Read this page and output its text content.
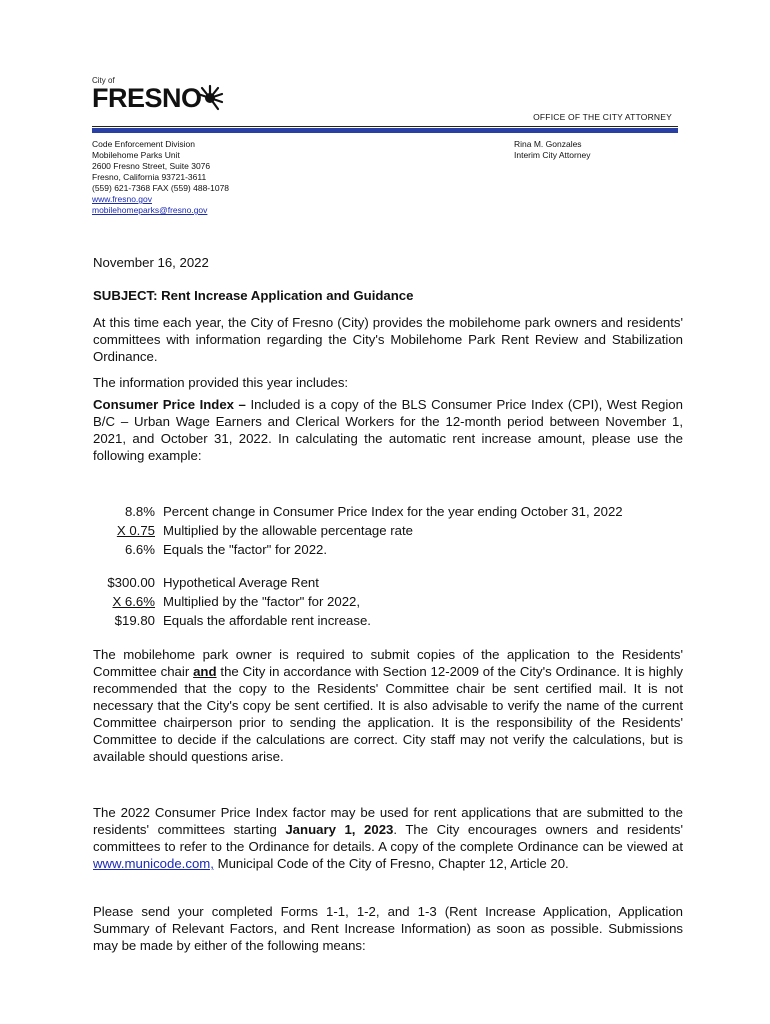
City of
FRESNO
OFFICE OF THE CITY ATTORNEY
Code Enforcement Division
Mobilehome Parks Unit
2600 Fresno Street, Suite 3076
Fresno, California 93721-3611
(559) 621-7368 FAX (559) 488-1078
www.fresno.gov
mobilehomeparks@fresno.gov
Rina M. Gonzales
Interim City Attorney
November 16, 2022
SUBJECT: Rent Increase Application and Guidance
At this time each year, the City of Fresno (City) provides the mobilehome park owners and residents' committees with information regarding the City's Mobilehome Park Rent Review and Stabilization Ordinance.
The information provided this year includes:
Consumer Price Index – Included is a copy of the BLS Consumer Price Index (CPI), West Region B/C – Urban Wage Earners and Clerical Workers for the 12-month period between November 1, 2021, and October 31, 2022. In calculating the automatic rent increase amount, please use the following example:
8.8% Percent change in Consumer Price Index for the year ending October 31, 2022
X 0.75 Multiplied by the allowable percentage rate
6.6% Equals the "factor" for 2022.
$300.00 Hypothetical Average Rent
X 6.6% Multiplied by the "factor" for 2022,
$19.80 Equals the affordable rent increase.
The mobilehome park owner is required to submit copies of the application to the Residents' Committee chair and the City in accordance with Section 12-2009 of the City's Ordinance. It is highly recommended that the copy to the Residents' Committee chair be sent certified mail. It is not necessary that the City's copy be sent certified. It is also advisable to verify the name of the current Committee chairperson prior to sending the application. It is the responsibility of the Residents' Committee to decide if the calculations are correct. City staff may not verify the calculations, but is available should questions arise.
The 2022 Consumer Price Index factor may be used for rent applications that are submitted to the residents' committees starting January 1, 2023. The City encourages owners and residents' committees to refer to the Ordinance for details. A copy of the complete Ordinance can be viewed at www.municode.com, Municipal Code of the City of Fresno, Chapter 12, Article 20.
Please send your completed Forms 1-1, 1-2, and 1-3 (Rent Increase Application, Application Summary of Relevant Factors, and Rent Increase Information) as soon as possible. Submissions may be made by either of the following means:
